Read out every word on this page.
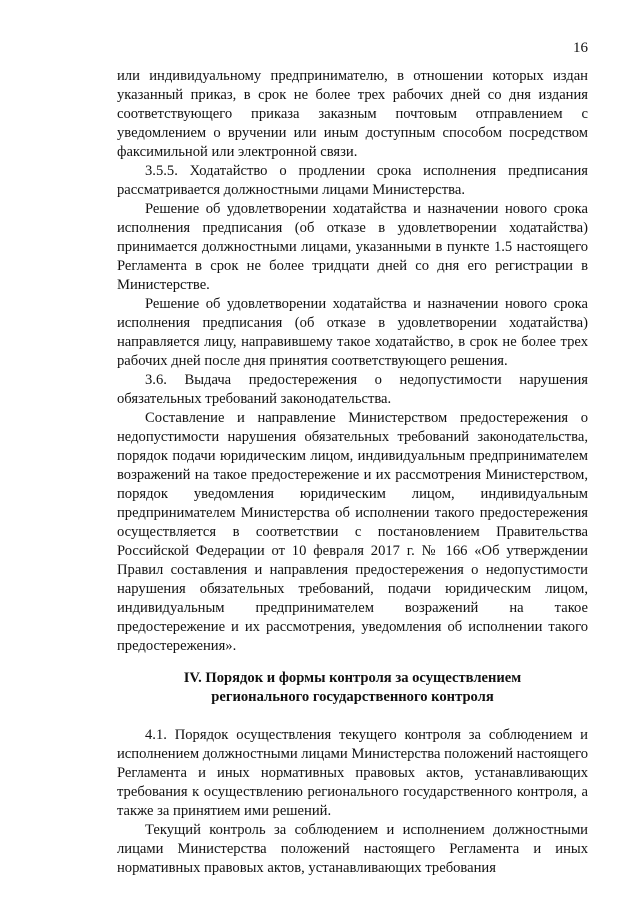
16

или индивидуальному предпринимателю, в отношении которых издан указанный приказ, в срок не более трех рабочих дней со дня издания соответствующего приказа заказным почтовым отправлением с уведомлением о вручении или иным доступным способом посредством факсимильной или электронной связи.

3.5.5. Ходатайство о продлении срока исполнения предписания рассматривается должностными лицами Министерства.

Решение об удовлетворении ходатайства и назначении нового срока исполнения предписания (об отказе в удовлетворении ходатайства) принимается должностными лицами, указанными в пункте 1.5 настоящего Регламента в срок не более тридцати дней со дня его регистрации в Министерстве.

Решение об удовлетворении ходатайства и назначении нового срока исполнения предписания (об отказе в удовлетворении ходатайства) направляется лицу, направившему такое ходатайство, в срок не более трех рабочих дней после дня принятия соответствующего решения.

3.6. Выдача предостережения о недопустимости нарушения обязательных требований законодательства.

Составление и направление Министерством предостережения о недопустимости нарушения обязательных требований законодательства, порядок подачи юридическим лицом, индивидуальным предпринимателем возражений на такое предостережение и их рассмотрения Министерством, порядок уведомления юридическим лицом, индивидуальным предпринимателем Министерства об исполнении такого предостережения осуществляется в соответствии с постановлением Правительства Российской Федерации от 10 февраля 2017 г. № 166 «Об утверждении Правил составления и направления предостережения о недопустимости нарушения обязательных требований, подачи юридическим лицом, индивидуальным предпринимателем возражений на такое предостережение и их рассмотрения, уведомления об исполнении такого предостережения».

IV. Порядок и формы контроля за осуществлением регионального государственного контроля

4.1. Порядок осуществления текущего контроля за соблюдением и исполнением должностными лицами Министерства положений настоящего Регламента и иных нормативных правовых актов, устанавливающих требования к осуществлению регионального государственного контроля, а также за принятием ими решений.

Текущий контроль за соблюдением и исполнением должностными лицами Министерства положений настоящего Регламента и иных нормативных правовых актов, устанавливающих требования
